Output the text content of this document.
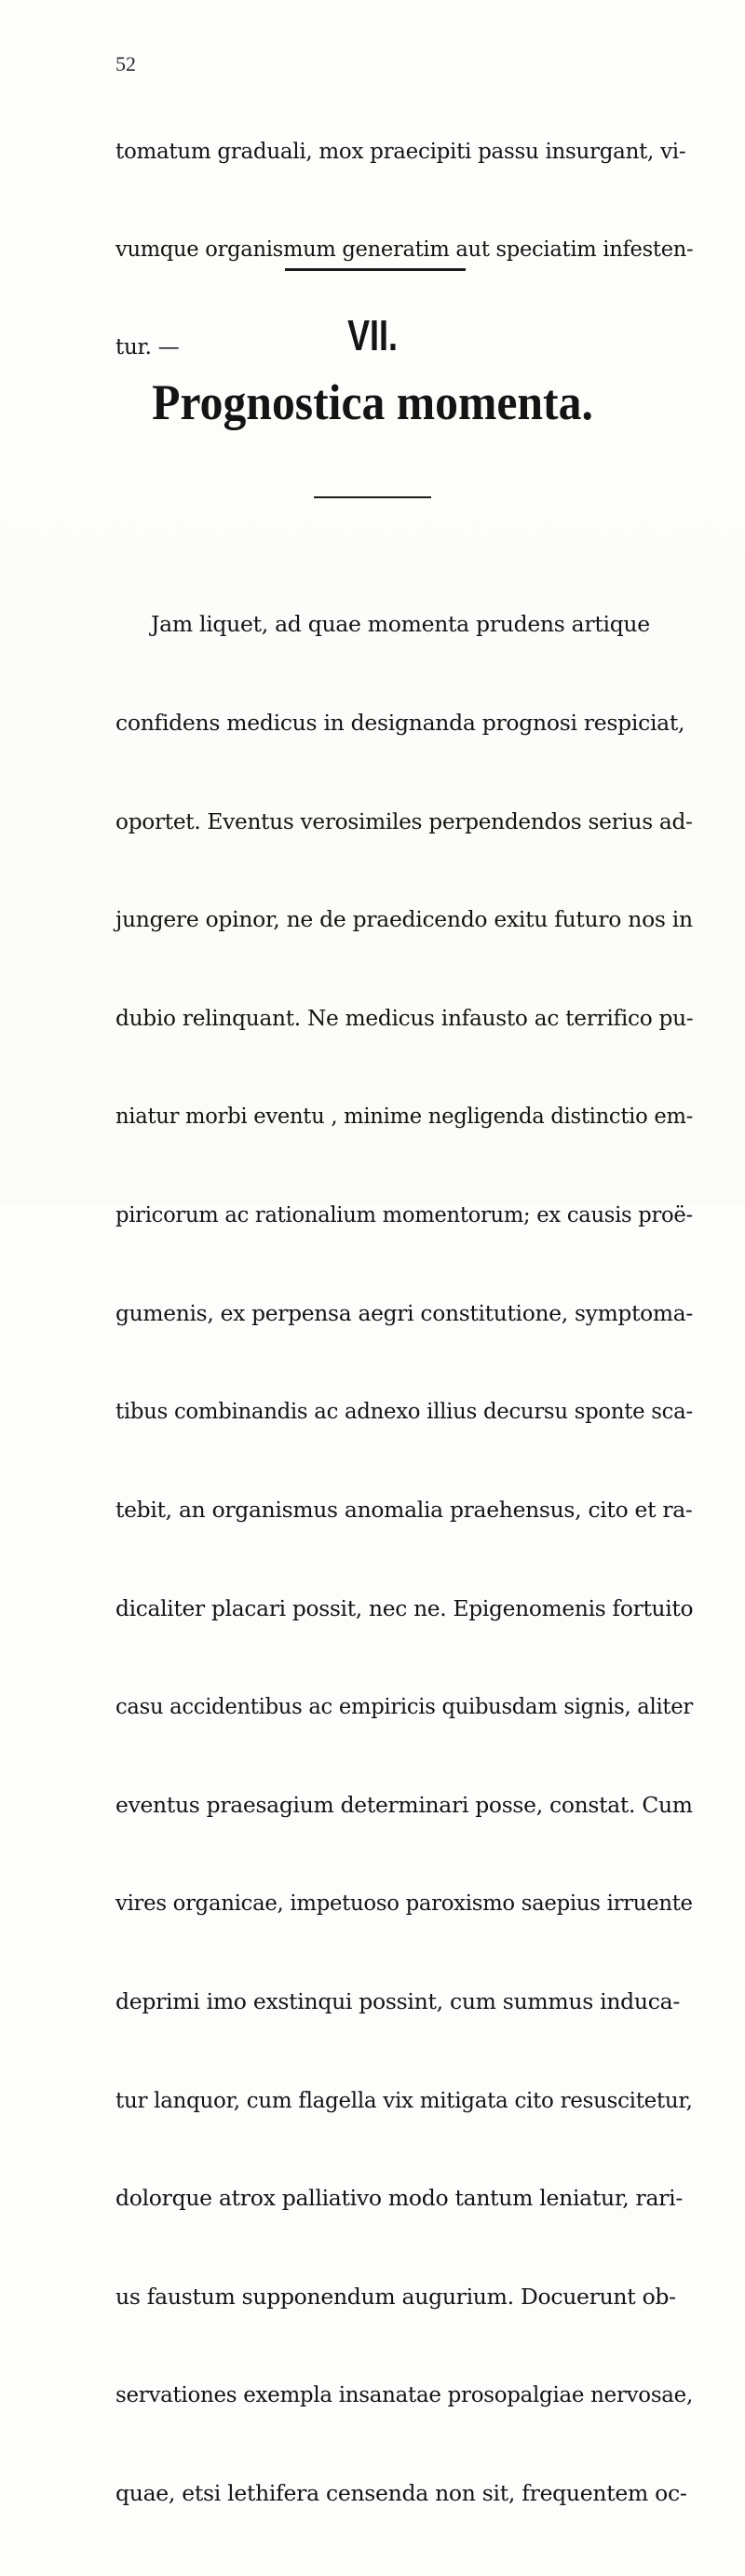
52

tomatum graduali, mox praecipiti passu insurgant, vi-

vumque organismum generatim aut speciatim infesten-

tur. —

	VII.
Prognostica momenta.

Jam liquet, ad quae momenta prudens artique

confidens medicus in designanda prognosi respiciat,

oportet. Eventus verosimiles perpendendos serius ad-

jungere opinor, ne de praedicendo exitu futuro nos in

dubio relinquant. Ne medicus infausto ac terrifico pu-

niatur morbi eventu , minime negligenda distinctio em-

piricorum ac rationalium momentorum; ex causis proë-

gumenis, ex perpensa aegri constitutione, symptoma-

tibus combinandis ac adnexo illius decursu sponte sca-

tebit, an organismus anomalia praehensus, cito et ra-

dicaliter placari possit, nec ne. Epigenomenis fortuito

casu accidentibus ac empiricis quibusdam signis, aliter

eventus praesagium determinari posse, constat. Cum

vires organicae, impetuoso paroxismo saepius irruente

deprimi imo exstinqui possint, cum summus induca-

tur lanquor, cum flagella vix mitigata cito resuscitetur,

dolorque atrox palliativo modo tantum leniatur, rari-

us faustum supponendum augurium. Docuerunt ob-

servationes exempla insanatae prosopalgiae nervosae,

quae, etsi lethifera censenda non sit, frequentem oc-
